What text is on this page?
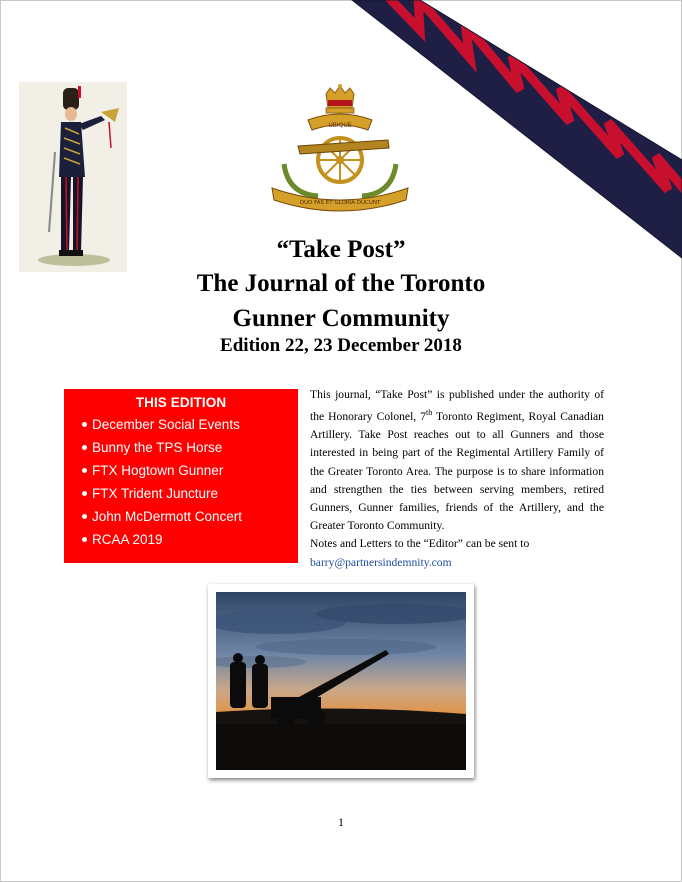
UBIQUE
QUO FAS ET GLORIA DUCUNT
“Take Post”
The Journal of the Toronto
Gunner Community
Edition 22, 23 December 2018
THIS EDITION
December Social Events
Bunny the TPS Horse
FTX Hogtown Gunner
FTX Trident Juncture
John McDermott Concert
RCAA 2019

This journal, “Take Post” is published under the authority of the Honorary Colonel, 7th Toronto Regiment, Royal Canadian Artillery. Take Post reaches out to all Gunners and those interested in being part of the Regimental Artillery Family of the Greater Toronto Area. The purpose is to share information and strengthen the ties between serving members, retired Gunners, Gunner families, friends of the Artillery, and the Greater Toronto Community.

Notes and Letters to the “Editor” can be sent to

barry@partnersindemnity.com

1
